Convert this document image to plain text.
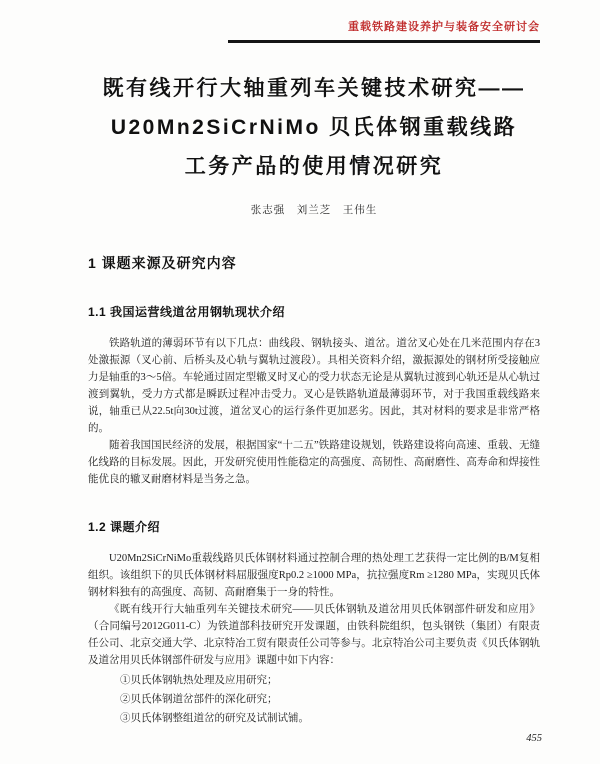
重载铁路建设养护与装备安全研讨会
既有线开行大轴重列车关键技术研究——
U20Mn2SiCrNiMo 贝氏体钢重载线路
工务产品的使用情况研究
张志强　刘兰芝　王伟生
1 课题来源及研究内容
1.1 我国运营线道岔用钢轨现状介绍

铁路轨道的薄弱环节有以下几点：曲线段、钢轨接头、道岔。道岔叉心处在几米范围内存在3处激振源（叉心前、后桥头及心轨与翼轨过渡段）。具相关资料介绍，激振源处的钢材所受接触应力是轴重的3～5倍。车轮通过固定型辙叉时叉心的受力状态无论是从翼轨过渡到心轨还是从心轨过渡到翼轨，受力方式都是瞬跃过程冲击受力。叉心是铁路轨道最薄弱环节，对于我国重载线路来说，轴重已从22.5t向30t过渡，道岔叉心的运行条件更加恶劣。因此，其对材料的要求是非常严格的。

随着我国国民经济的发展，根据国家“十二五”铁路建设规划，铁路建设将向高速、重载、无缝化线路的目标发展。因此，开发研究使用性能稳定的高强度、高韧性、高耐磨性、高寿命和焊接性能优良的辙叉耐磨材料是当务之急。

1.2 课题介绍

U20Mn2SiCrNiMo重载线路贝氏体钢材料通过控制合理的热处理工艺获得一定比例的B/M复相组织。该组织下的贝氏体钢材料屈服强度Rp0.2 ≥1000 MPa，抗拉强度Rm ≥1280 MPa，实现贝氏体钢材料独有的高强度、高韧、高耐磨集于一身的特性。

《既有线开行大轴重列车关键技术研究——贝氏体钢轨及道岔用贝氏体钢部件研发和应用》（合同编号2012G011-C）为铁道部科技研究开发课题，由铁科院组织，包头钢铁（集团）有限责任公司、北京交通大学、北京特冶工贸有限责任公司等参与。北京特冶公司主要负责《贝氏体钢轨及道岔用贝氏体钢部件研发与应用》课题中如下内容：

①贝氏体钢轨热处理及应用研究；

②贝氏体钢道岔部件的深化研究；

③贝氏体钢整组道岔的研究及试制试铺。

455
